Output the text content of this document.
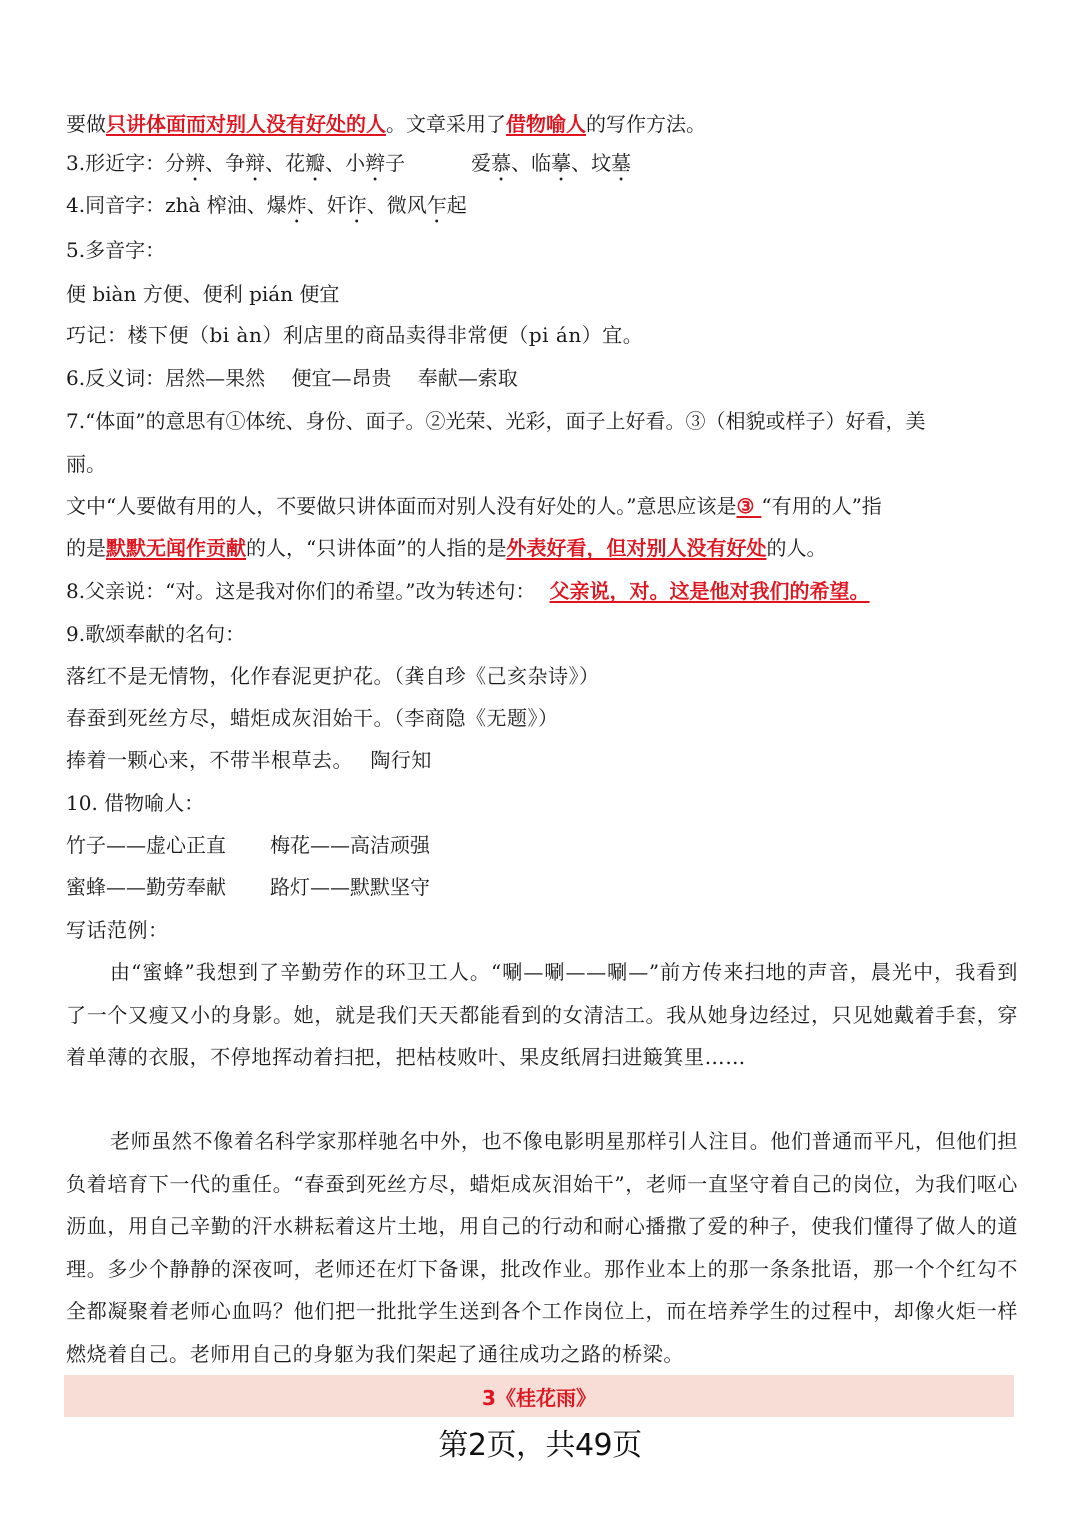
要做只讲体面而对别人没有好处的人。文章采用了借物喻人的写作方法。
3.形近字：分辨、争辩、花瓣、小辫子	爱慕、临摹、坟墓
4.同音字：zhà 榨油、爆炸、奸诈、微风乍起
5.多音字：
便 biàn 方便、便利 pián 便宜
巧记：楼下便（bi àn）利店里的商品卖得非常便（pi án）宜。
6.反义词：居然—果然　 便宜—昂贵　 奉献—索取
7.“体面”的意思有①体统、身份、面子。②光荣、光彩，面子上好看。③（相貌或样子）好看，美
丽。
文中“人要做有用的人，不要做只讲体面而对别人没有好处的人。”意思应该是③ “有用的人”指
的是默默无闻作贡献的人，“只讲体面”的人指的是外表好看，但对别人没有好处的人。
8.父亲说：“对。这是我对你们的希望。”改为转述句： 父亲说，对。这是他对我们的希望。
9.歌颂奉献的名句：
落红不是无情物，化作春泥更护花。（龚自珍《己亥杂诗》）
春蚕到死丝方尽，蜡炬成灰泪始干。（李商隐《无题》）
捧着一颗心来，不带半根草去。　 陶行知
10. 借物喻人：
竹子——虚心正直 梅花——高洁顽强
蜜蜂——勤劳奉献 路灯——默默坚守
写话范例：
由“蜜蜂”我想到了辛勤劳作的环卫工人。“唰—唰——唰—”前方传来扫地的声音，晨光中，我看到了一个又瘦又小的身影。她，就是我们天天都能看到的女清洁工。我从她身边经过，只见她戴着手套，穿着单薄的衣服，不停地挥动着扫把，把枯枝败叶、果皮纸屑扫进簸箕里……
老师虽然不像着名科学家那样驰名中外，也不像电影明星那样引人注目。他们普通而平凡，但他们担负着培育下一代的重任。“春蚕到死丝方尽，蜡炬成灰泪始干”，老师一直坚守着自己的岗位，为我们呕心沥血，用自己辛勤的汗水耕耘着这片土地，用自己的行动和耐心播撒了爱的种子，使我们懂得了做人的道理。多少个静静的深夜呵，老师还在灯下备课，批改作业。那作业本上的那一条条批语，那一个个红勾不全都凝聚着老师心血吗？他们把一批批学生送到各个工作岗位上，而在培养学生的过程中，却像火炬一样燃烧着自己。老师用自己的身躯为我们架起了通往成功之路的桥梁。
3《桂花雨》
第2页，共49页
